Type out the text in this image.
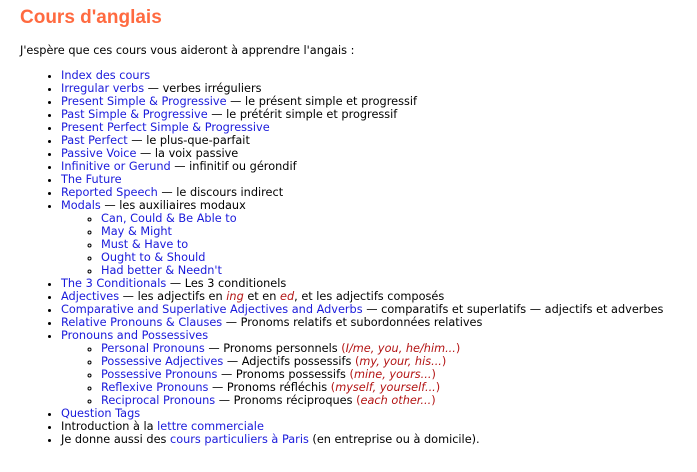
Cours d'anglais

J'espère que ces cours vous aideront à apprendre l'angais :

• Index des cours
• Irregular verbs — verbes irréguliers
• Present Simple & Progressive — le présent simple et progressif
• Past Simple & Progressive — le prétérit simple et progressif
• Present Perfect Simple & Progressive
• Past Perfect — le plus-que-parfait
• Passive Voice — la voix passive
• Infinitive or Gerund — infinitif ou gérondif
• The Future
• Reported Speech — le discours indirect
• Modals — les auxiliaires modaux
◦ Can, Could & Be Able to
◦ May & Might
◦ Must & Have to
◦ Ought to & Should
◦ Had better & Needn't
• The 3 Conditionals — Les 3 conditionels
• Adjectives — les adjectifs en ing et en ed, et les adjectifs composés
• Comparative and Superlative Adjectives and Adverbs — comparatifs et superlatifs — adjectifs et adverbes
• Relative Pronouns & Clauses — Pronoms relatifs et subordonnées relatives
• Pronouns and Possessives
◦ Personal Pronouns — Pronoms personnels (I/me, you, he/him...)
◦ Possessive Adjectives — Adjectifs possessifs (my, your, his...)
◦ Possessive Pronouns — Pronoms possessifs (mine, yours...)
◦ Reflexive Pronouns — Pronoms réfléchis (myself, yourself...)
◦ Reciprocal Pronouns — Pronoms réciproques (each other...)
• Question Tags
• Introduction à la lettre commerciale
• Je donne aussi des cours particuliers à Paris (en entreprise ou à domicile).
